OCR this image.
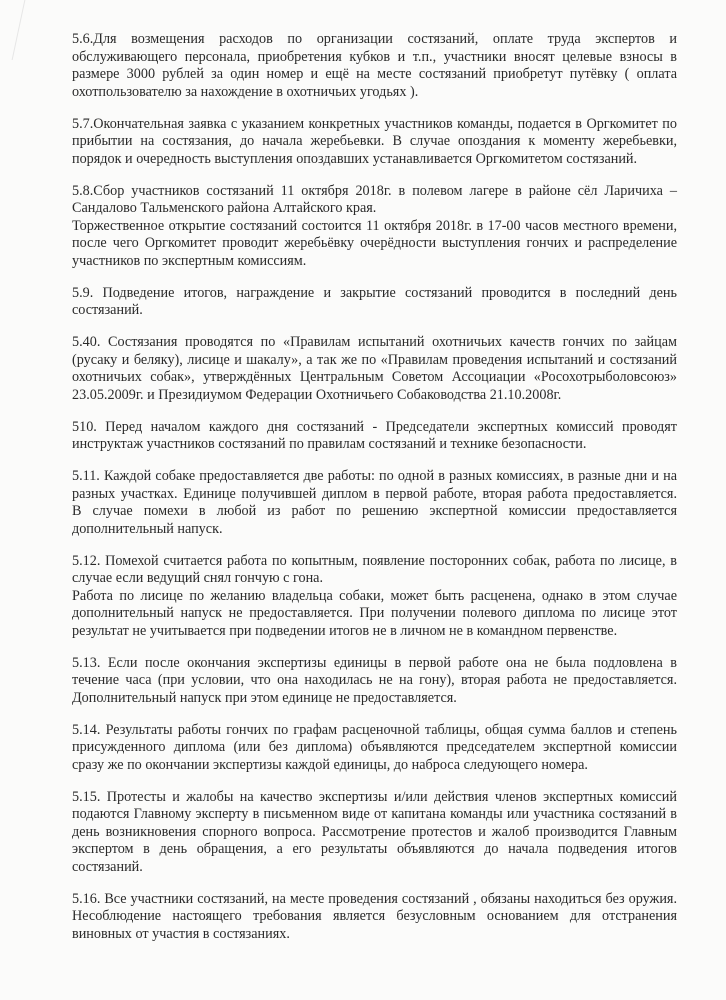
5.6.Для возмещения расходов по организации состязаний, оплате труда экспертов и
обслуживающего персонала, приобретения кубков и т.п., участники вносят целевые взносы в
размере 3000 рублей за один номер и ещё на месте состязаний приобретут путёвку ( оплата
охотпользователю за нахождение в охотничьих угодьях ).
5.7.Окончательная заявка с указанием конкретных участников команды, подается в Оргкомитет по
прибытии на состязания, до начала жеребьевки. В случае опоздания к моменту жеребьевки,
порядок и очередность выступления опоздавших устанавливается Оргкомитетом состязаний.
5.8.Сбор участников состязаний 11 октября 2018г. в полевом лагере в районе сёл Ларичиха –
Сандалово Тальменского района Алтайского края.
Торжественное открытие состязаний состоится 11 октября 2018г. в 17-00 часов местного времени,
после чего Оргкомитет проводит жеребьёвку очерёдности выступления гончих и распределение
участников по экспертным комиссиям.
5.9. Подведение итогов, награждение и закрытие состязаний проводится в последний день
состязаний.
5.40. Состязания проводятся по «Правилам испытаний охотничьих качеств гончих по зайцам
(русаку и беляку), лисице и шакалу», а так же по «Правилам проведения испытаний и состязаний
охотничьих собак», утверждённых Центральным Советом Ассоциации «Росохотрыболовсоюз»
23.05.2009г. и Президиумом Федерации Охотничьего Собаководства 21.10.2008г.
510. Перед началом каждого дня состязаний - Председатели экспертных комиссий проводят
инструктаж участников состязаний по правилам состязаний и технике безопасности.
5.11. Каждой собаке предоставляется две работы: по одной в разных комиссиях, в разные дни и на
разных участках. Единице получившей диплом в первой работе, вторая работа предоставляется.
В случае помехи в любой из работ по решению экспертной комиссии предоставляется
дополнительный напуск.
5.12. Помехой считается работа по копытным, появление посторонних собак, работа по лисице, в
случае если ведущий снял гончую с гона.
Работа по лисице по желанию владельца собаки, может быть расценена, однако в этом случае
дополнительный напуск не предоставляется. При получении полевого диплома по лисице этот
результат не учитывается при подведении итогов не в личном не в командном первенстве.
5.13. Если после окончания экспертизы единицы в первой работе она не была подловлена в
течение часа (при условии, что она находилась не на гону), вторая работа не предоставляется.
Дополнительный напуск при этом единице не предоставляется.
5.14. Результаты работы гончих по графам расценочной таблицы, общая сумма баллов и степень
присужденного диплома (или без диплома) объявляются председателем экспертной комиссии
сразу же по окончании экспертизы каждой единицы, до наброса следующего номера.
5.15. Протесты и жалобы на качество экспертизы и/или действия членов экспертных комиссий
подаются Главному эксперту в письменном виде от капитана команды или участника состязаний в
день возникновения спорного вопроса. Рассмотрение протестов и жалоб производится Главным
экспертом в день обращения, а его результаты объявляются до начала подведения итогов
состязаний.
5.16. Все участники состязаний, на месте проведения состязаний , обязаны находиться без оружия.
Несоблюдение настоящего требования является безусловным основанием для отстранения
виновных от участия в состязаниях.
